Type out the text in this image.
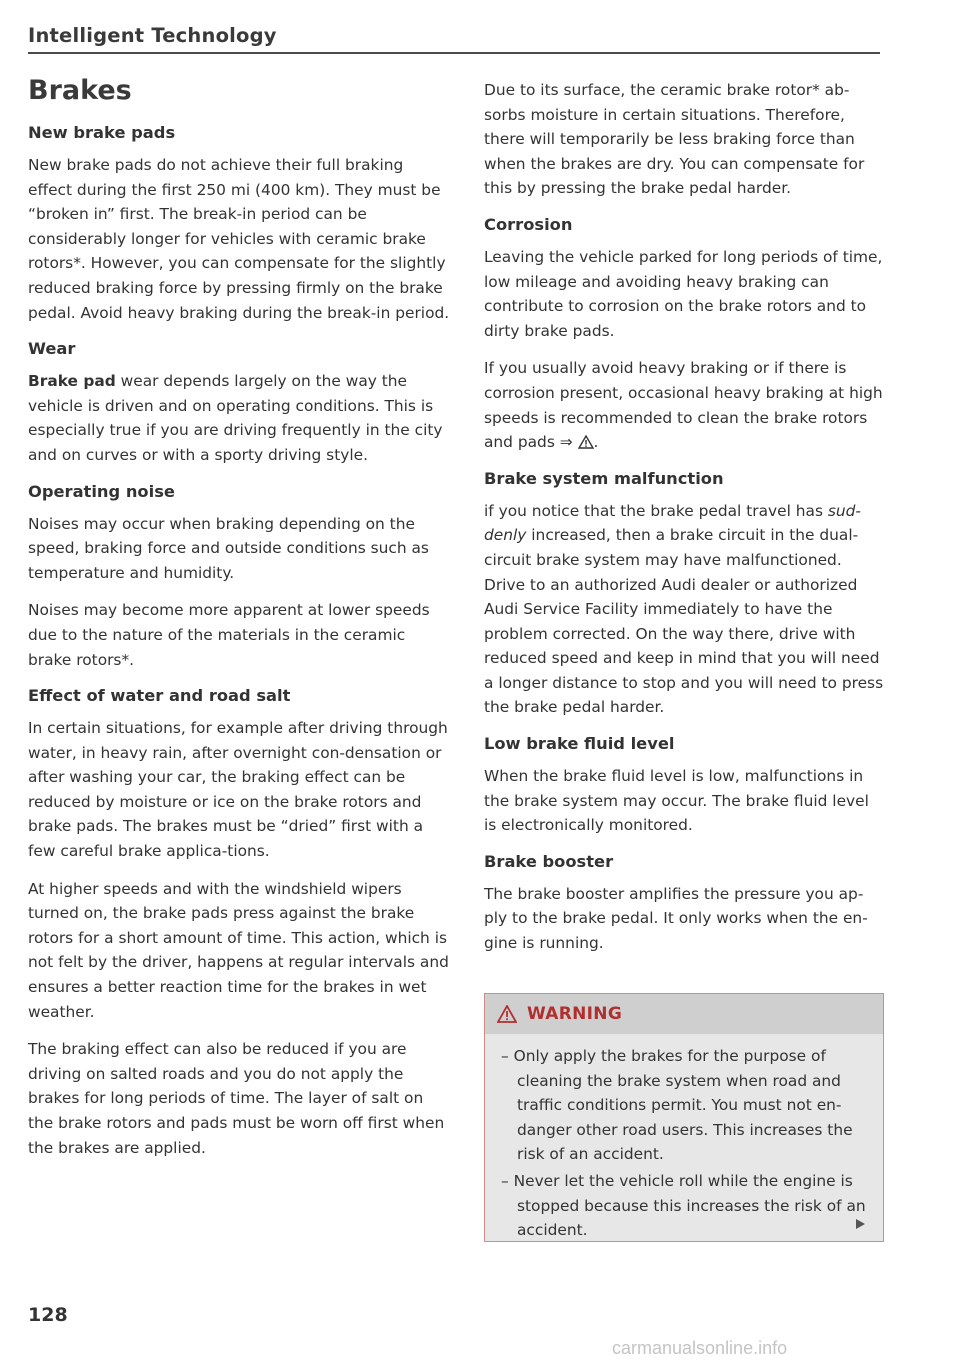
Intelligent Technology
Brakes
New brake pads

New brake pads do not achieve their full braking effect during the first 250 mi (400 km). They must be “broken in” first. The break-in period can be considerably longer for vehicles with ceramic brake rotors*. However, you can compensate for the slightly reduced braking force by pressing firmly on the brake pedal. Avoid heavy braking during the break-in period.

Wear

Brake pad wear depends largely on the way the vehicle is driven and on operating conditions. This is especially true if you are driving frequently in the city and on curves or with a sporty driving style.

Operating noise

Noises may occur when braking depending on the speed, braking force and outside conditions such as temperature and humidity.

Noises may become more apparent at lower speeds due to the nature of the materials in the ceramic brake rotors*.

Effect of water and road salt

In certain situations, for example after driving through water, in heavy rain, after overnight con-densation or after washing your car, the braking effect can be reduced by moisture or ice on the brake rotors and brake pads. The brakes must be “dried” first with a few careful brake applica-tions.

At higher speeds and with the windshield wipers turned on, the brake pads press against the brake rotors for a short amount of time. This action, which is not felt by the driver, happens at regular intervals and ensures a better reaction time for the brakes in wet weather.

The braking effect can also be reduced if you are driving on salted roads and you do not apply the brakes for long periods of time. The layer of salt on the brake rotors and pads must be worn off first when the brakes are applied.

Due to its surface, the ceramic brake rotor* ab-sorbs moisture in certain situations. Therefore, there will temporarily be less braking force than when the brakes are dry. You can compensate for this by pressing the brake pedal harder.

Corrosion

Leaving the vehicle parked for long periods of time, low mileage and avoiding heavy braking can contribute to corrosion on the brake rotors and to dirty brake pads.

If you usually avoid heavy braking or if there is corrosion present, occasional heavy braking at high speeds is recommended to clean the brake rotors and pads ⇒ .

Brake system malfunction

if you notice that the brake pedal travel has sud-denly increased, then a brake circuit in the dual-circuit brake system may have malfunctioned. Drive to an authorized Audi dealer or authorized Audi Service Facility immediately to have the problem corrected. On the way there, drive with reduced speed and keep in mind that you will need a longer distance to stop and you will need to press the brake pedal harder.

Low brake fluid level

When the brake fluid level is low, malfunctions in the brake system may occur. The brake fluid level is electronically monitored.

Brake booster

The brake booster amplifies the pressure you ap-ply to the brake pedal. It only works when the en-gine is running.

WARNING
– Only apply the brakes for the purpose of cleaning the brake system when road and traffic conditions permit. You must not en-danger other road users. This increases the risk of an accident.
– Never let the vehicle roll while the engine is stopped because this increases the risk of an accident.
128
carmanualsonline.info
